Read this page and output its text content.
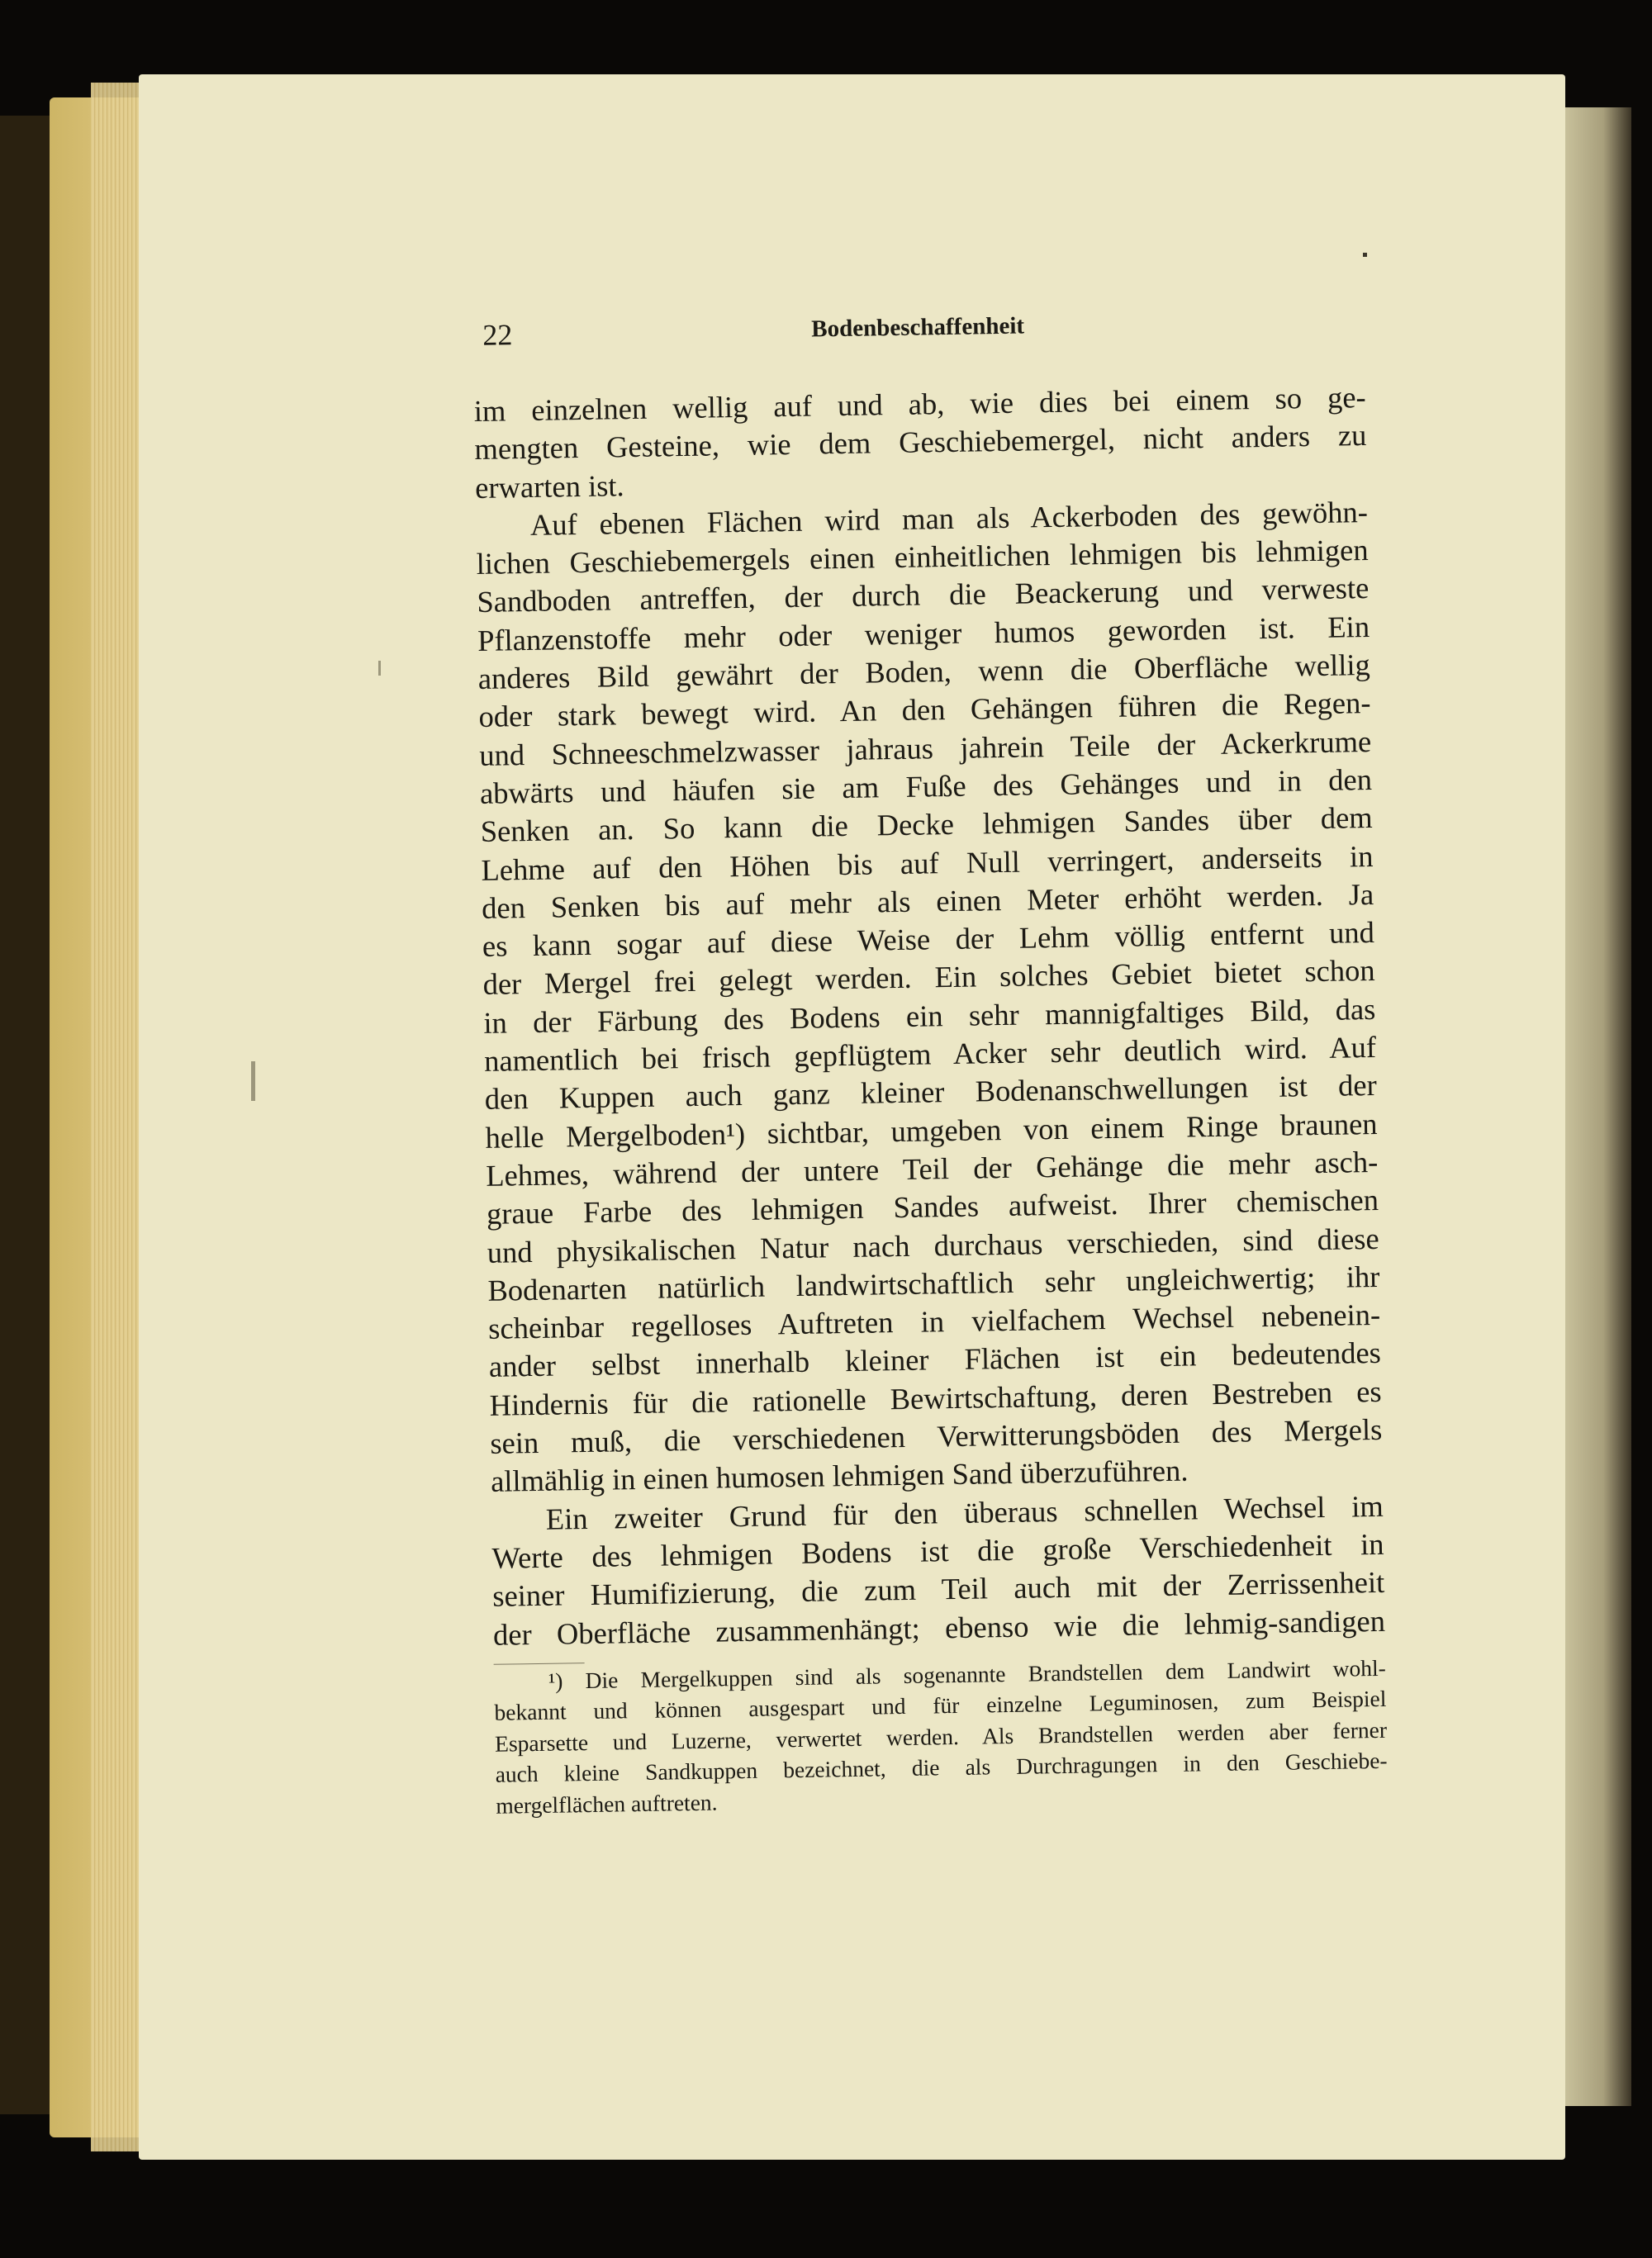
22	Bodenbeschaffenheit
im einzelnen wellig auf und ab, wie dies bei einem so ge-
mengten Gesteine, wie dem Geschiebemergel, nicht anders zu
erwarten ist.
Auf ebenen Flächen wird man als Ackerboden des gewöhn-
lichen Geschiebemergels einen einheitlichen lehmigen bis lehmigen
Sandboden antreffen, der durch die Beackerung und verweste
Pflanzenstoffe mehr oder weniger humos geworden ist. Ein
anderes Bild gewährt der Boden, wenn die Oberfläche wellig
oder stark bewegt wird. An den Gehängen führen die Regen-
und Schneeschmelzwasser jahraus jahrein Teile der Ackerkrume
abwärts und häufen sie am Fuße des Gehänges und in den
Senken an. So kann die Decke lehmigen Sandes über dem
Lehme auf den Höhen bis auf Null verringert, anderseits in
den Senken bis auf mehr als einen Meter erhöht werden. Ja
es kann sogar auf diese Weise der Lehm völlig entfernt und
der Mergel frei gelegt werden. Ein solches Gebiet bietet schon
in der Färbung des Bodens ein sehr mannigfaltiges Bild, das
namentlich bei frisch gepflügtem Acker sehr deutlich wird. Auf
den Kuppen auch ganz kleiner Bodenanschwellungen ist der
helle Mergelboden¹) sichtbar, umgeben von einem Ringe braunen
Lehmes, während der untere Teil der Gehänge die mehr asch-
graue Farbe des lehmigen Sandes aufweist. Ihrer chemischen
und physikalischen Natur nach durchaus verschieden, sind diese
Bodenarten natürlich landwirtschaftlich sehr ungleichwertig; ihr
scheinbar regelloses Auftreten in vielfachem Wechsel nebenein-
ander selbst innerhalb kleiner Flächen ist ein bedeutendes
Hindernis für die rationelle Bewirtschaftung, deren Bestreben es
sein muß, die verschiedenen Verwitterungsböden des Mergels
allmählig in einen humosen lehmigen Sand überzuführen.
Ein zweiter Grund für den überaus schnellen Wechsel im
Werte des lehmigen Bodens ist die große Verschiedenheit in
seiner Humifizierung, die zum Teil auch mit der Zerrissenheit
der Oberfläche zusammenhängt; ebenso wie die lehmig-sandigen
¹) Die Mergelkuppen sind als sogenannte Brandstellen dem Landwirt wohl-
bekannt und können ausgespart und für einzelne Leguminosen, zum Beispiel
Esparsette und Luzerne, verwertet werden. Als Brandstellen werden aber ferner
auch kleine Sandkuppen bezeichnet, die als Durchragungen in den Geschiebe-
mergelflächen auftreten.
